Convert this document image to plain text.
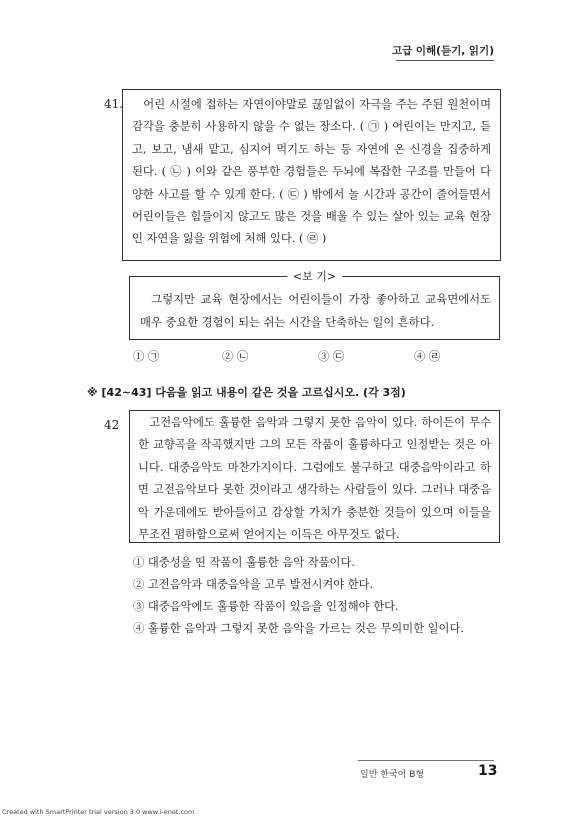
고급 이해(듣기, 읽기)
41.	어린 시절에 접하는 자연이야말로 끊임없이 자극을 주는 주된 원천이며 감각을 충분히 사용하지 않을 수 없는 장소다. ( ㉠ ) 어린이는 만지고, 듣고, 보고, 냄새 맡고, 심지어 먹기도 하는 등 자연에 온 신경을 집중하게 된다. ( ㉡ ) 이와 같은 풍부한 경험들은 두뇌에 복잡한 구조를 만들어 다양한 사고를 할 수 있게 한다. ( ㉢ ) 밖에서 놀 시간과 공간이 줄어들면서 어린이들은 힘들이지 않고도 많은 것을 배울 수 있는 살아 있는 교육 현장인 자연을 잃을 위험에 처해 있다. ( ㉣ )

<보 기>

그렇지만 교육 현장에서는 어린이들이 가장 좋아하고 교육면에서도 매우 중요한 경험이 되는 쉬는 시간을 단축하는 일이 흔하다.

① ㉠	② ㉡	③ ㉢	④ ㉣
※ [42~43] 다음을 읽고 내용이 같은 것을 고르십시오. (각 3점)
42	고전음악에도 훌륭한 음악과 그렇지 못한 음악이 있다. 하이든이 무수한 교향곡을 작곡했지만 그의 모든 작품이 훌륭하다고 인정받는 것은 아니다. 대중음악도 마찬가지이다. 그럼에도 불구하고 대중음악이라고 하면 고전음악보다 못한 것이라고 생각하는 사람들이 있다. 그러나 대중음악 가운데에도 받아들이고 감상할 가치가 충분한 것들이 있으며 이들을 무조건 폄하함으로써 얻어지는 이득은 아무것도 없다.

① 대중성을 띤 작품이 훌륭한 음악 작품이다.
② 고전음악과 대중음악을 고루 발전시켜야 한다.
③ 대중음악에도 훌륭한 작품이 있음을 인정해야 한다.
④ 훌륭한 음악과 그렇지 못한 음악을 가르는 것은 무의미한 일이다.
일반 한국어 B형	13
Created with SmartPrinter trial version 3.0 www.i-enet.com
